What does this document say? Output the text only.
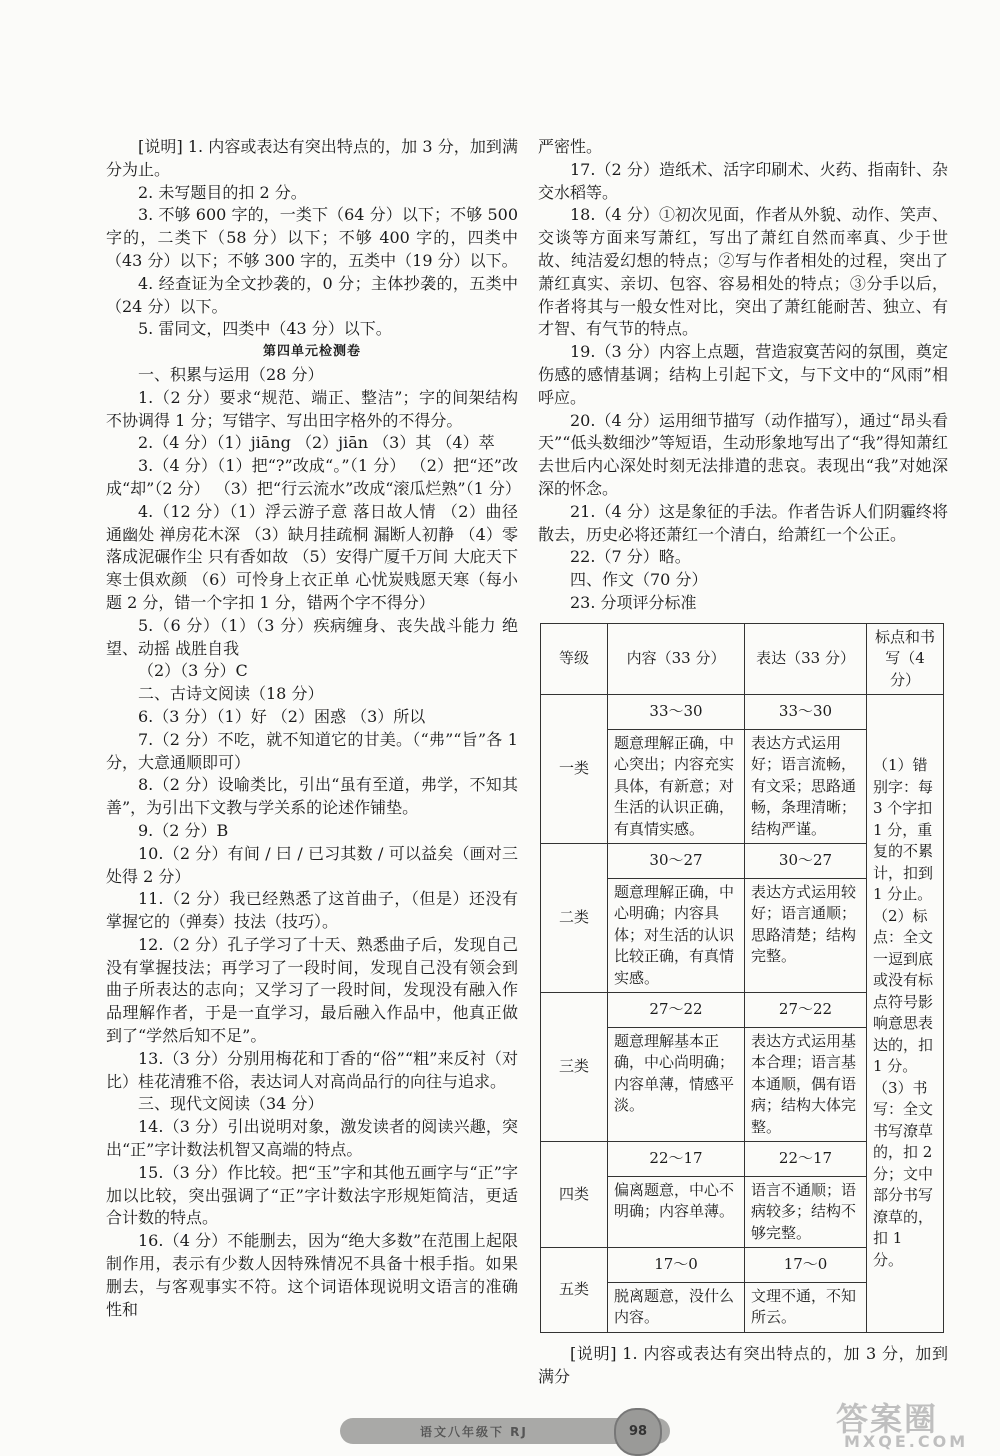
[说明] 1. 内容或表达有突出特点的，加 3 分，加到满分为止。

2. 未写题目的扣 2 分。

3. 不够 600 字的，一类下（64 分）以下；不够 500 字的，二类下（58 分）以下；不够 400 字的，四类中（43 分）以下；不够 300 字的，五类中（19 分）以下。

4. 经查证为全文抄袭的，0 分；主体抄袭的，五类中（24 分）以下。

5. 雷同文，四类中（43 分）以下。

第四单元检测卷

一、积累与运用（28 分）

1.（2 分）要求“规范、端正、整洁”；字的间架结构不协调得 1 分；写错字、写出田字格外的不得分。

2.（4 分）（1）jiāng （2）jiān （3）其 （4）萃

3.（4 分）（1）把“?”改成“。”（1 分） （2）把“还”改成“却”（2 分） （3）把“行云流水”改成“滚瓜烂熟”（1 分）

4.（12 分）（1）浮云游子意 落日故人情 （2）曲径通幽处 禅房花木深 （3）缺月挂疏桐 漏断人初静 （4）零落成泥碾作尘 只有香如故 （5）安得广厦千万间 大庇天下寒士俱欢颜 （6）可怜身上衣正单 心忧炭贱愿天寒（每小题 2 分，错一个字扣 1 分，错两个字不得分）

5.（6 分）（1）（3 分）疾病缠身、丧失战斗能力 绝望、动摇 战胜自我

（2）（3 分）C

二、古诗文阅读（18 分）

6.（3 分）（1）好 （2）困惑 （3）所以

7.（2 分）不吃，就不知道它的甘美。（“弗”“旨”各 1 分，大意通顺即可）

8.（2 分）设喻类比，引出“虽有至道，弗学，不知其善”，为引出下文教与学关系的论述作铺垫。

9.（2 分）B

10.（2 分）有间 / 曰 / 已习其数 / 可以益矣（画对三处得 2 分）

11.（2 分）我已经熟悉了这首曲子，（但是）还没有掌握它的（弹奏）技法（技巧）。

12.（2 分）孔子学习了十天、熟悉曲子后，发现自己没有掌握技法；再学习了一段时间，发现自己没有领会到曲子所表达的志向；又学习了一段时间，发现没有融入作品理解作者，于是一直学习，最后融入作品中，他真正做到了“学然后知不足”。

13.（3 分）分别用梅花和丁香的“俗”“粗”来反衬（对比）桂花清雅不俗，表达词人对高尚品行的向往与追求。

三、现代文阅读（34 分）

14.（3 分）引出说明对象，激发读者的阅读兴趣，突出“正”字计数法机智又高端的特点。

15.（3 分）作比较。把“玉”字和其他五画字与“正”字加以比较，突出强调了“正”字计数法字形规矩简洁，更适合计数的特点。

16.（4 分）不能删去，因为“绝大多数”在范围上起限制作用，表示有少数人因特殊情况不具备十根手指。如果删去，与客观事实不符。这个词语体现说明文语言的准确性和

严密性。

17.（2 分）造纸术、活字印刷术、火药、指南针、杂交水稻等。

18.（4 分）①初次见面，作者从外貌、动作、笑声、交谈等方面来写萧红，写出了萧红自然而率真、少于世故、纯洁爱幻想的特点；②写与作者相处的过程，突出了萧红真实、亲切、包容、容易相处的特点；③分手以后，作者将其与一般女性对比，突出了萧红能耐苦、独立、有才智、有气节的特点。

19.（3 分）内容上点题，营造寂寞苦闷的氛围，奠定伤感的感情基调；结构上引起下文，与下文中的“风雨”相呼应。

20.（4 分）运用细节描写（动作描写），通过“昂头看天”“低头数细沙”等短语，生动形象地写出了“我”得知萧红去世后内心深处时刻无法排遣的悲哀。表现出“我”对她深深的怀念。

21.（4 分）这是象征的手法。作者告诉人们阴霾终将散去，历史必将还萧红一个清白，给萧红一个公正。

22.（7 分）略。

四、作文（70 分）

23. 分项评分标准

等级	内容（33 分）	表达（33 分）	标点和书写（4 分）
一类	33～30	33～30	（1）错别字：每 3 个字扣 1 分，重复的不累计，扣到 1 分止。（2）标点：全文一逗到底或没有标点符号影响意思表达的，扣 1 分。（3）书写：全文书写潦草的，扣 2 分；文中部分书写潦草的，扣 1 分。
	题意理解正确，中心突出；内容充实具体，有新意；对生活的认识正确，有真情实感。	表达方式运用好；语言流畅，有文采；思路通畅，条理清晰；结构严谨。	
二类	30～27	30～27	
	题意理解正确，中心明确；内容具体；对生活的认识比较正确，有真情实感。	表达方式运用较好；语言通顺；思路清楚；结构完整。	
三类	27～22	27～22	
	题意理解基本正确，中心尚明确；内容单薄，情感平淡。	表达方式运用基本合理；语言基本通顺，偶有语病；结构大体完整。	
四类	22～17	22～17	
	偏离题意，中心不明确；内容单薄。	语言不通顺；语病较多；结构不够完整。	
五类	17～0	17～0	
	脱离题意，没什么内容。	文理不通，不知所云。	

[说明] 1. 内容或表达有突出特点的，加 3 分，加到满分

语文八年级下 RJ	98	答案圈
MXQE.COM
